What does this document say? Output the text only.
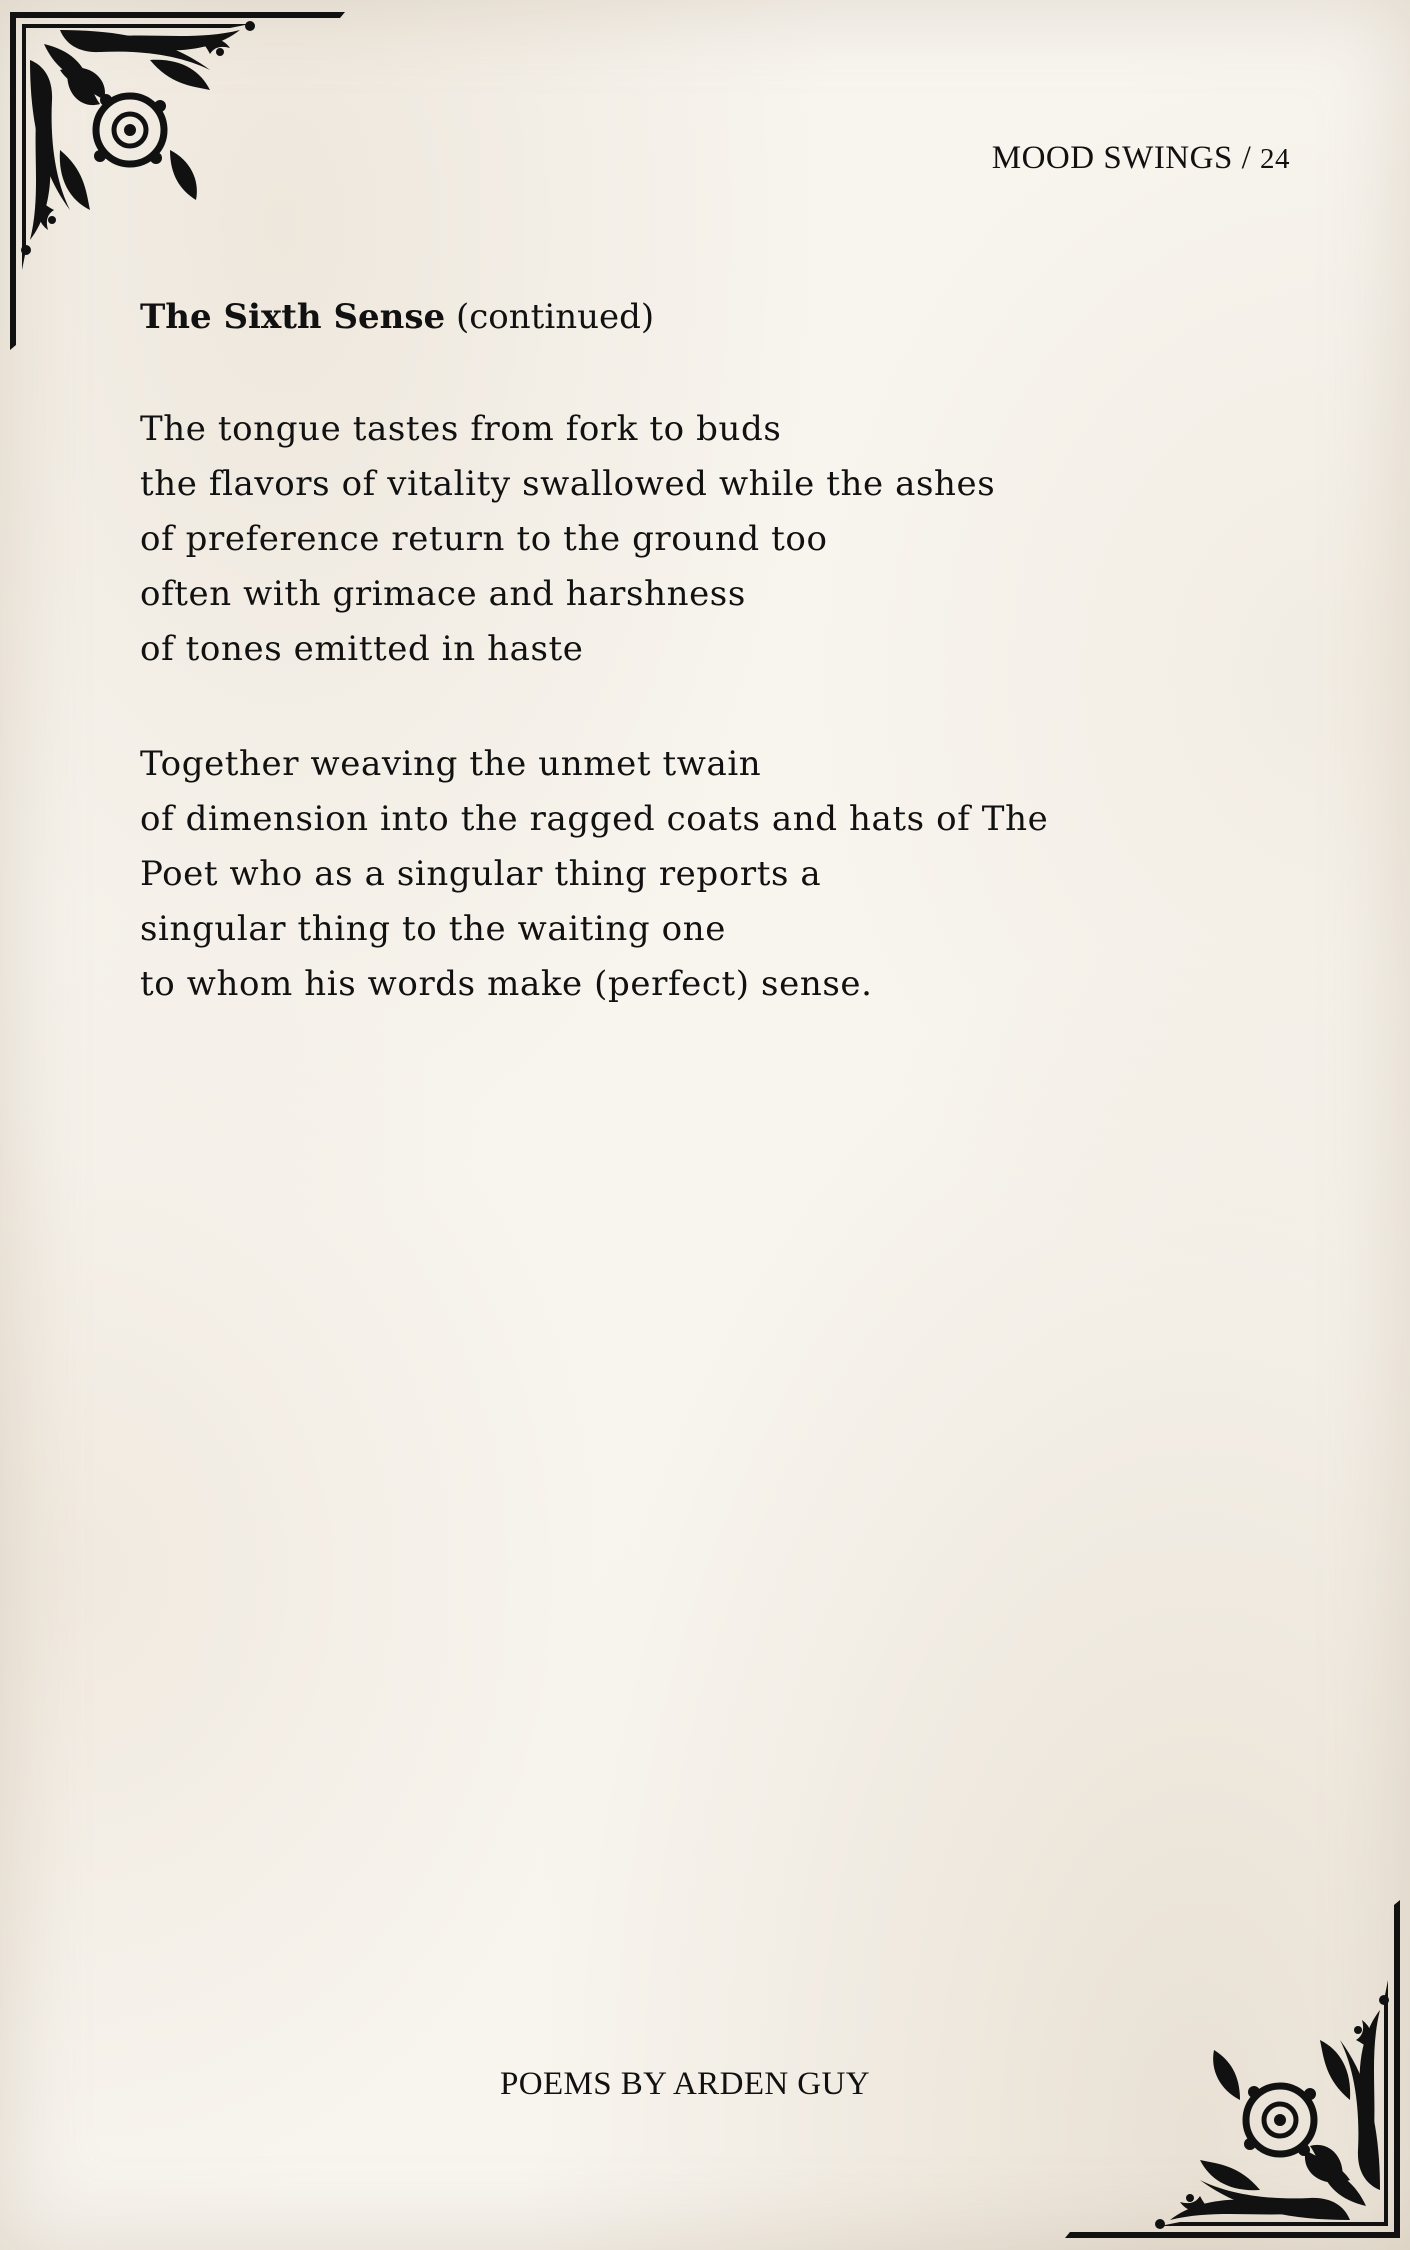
MOOD SWINGS / 24
The Sixth Sense (continued)
The tongue tastes from fork to buds
the flavors of vitality swallowed while the ashes
of preference return to the ground too
often with grimace and harshness
of tones emitted in haste
Together weaving the unmet twain
of dimension into the ragged coats and hats of The
Poet who as a singular thing reports a
singular thing to the waiting one
to whom his words make (perfect) sense.
POEMS BY ARDEN GUY
